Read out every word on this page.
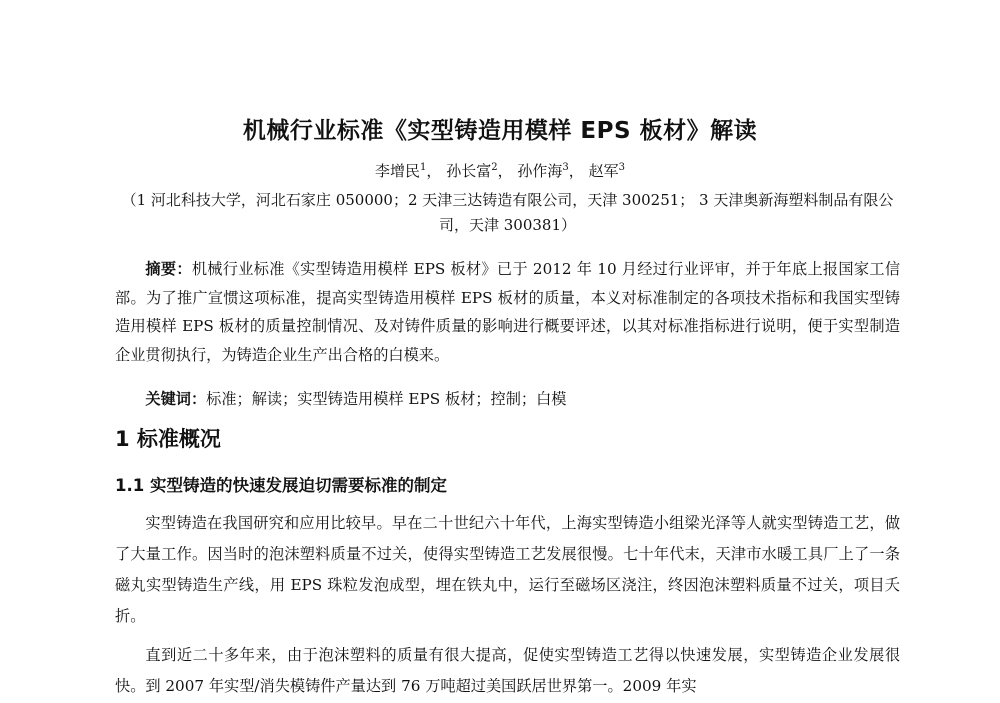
机械行业标准《实型铸造用模样 EPS 板材》解读
李增民$^1$， 孙长富$^2$， 孙作海$^3$， 赵军$^3$
（1 河北科技大学，河北石家庄 050000；2 天津三达铸造有限公司，天津 300251； 3 天津奥新海塑料制品有限公司，天津 300381）
摘要：机械行业标准《实型铸造用模样 EPS 板材》已于 2012 年 10 月经过行业评审，并于年底上报国家工信部。为了推广宣惯这项标准，提高实型铸造用模样 EPS 板材的质量，本义对标准制定的各项技术指标和我国实型铸造用模样 EPS 板材的质量控制情况、及对铸件质量的影响进行概要评述，以其对标准指标进行说明，便于实型制造企业贯彻执行，为铸造企业生产出合格的白模来。
关键词：标准；解读；实型铸造用模样 EPS 板材；控制；白模
1 标准概况
1.1 实型铸造的快速发展迫切需要标准的制定
实型铸造在我国研究和应用比较早。早在二十世纪六十年代，上海实型铸造小组梁光泽等人就实型铸造工艺，做了大量工作。因当时的泡沫塑料质量不过关，使得实型铸造工艺发展很慢。七十年代末，天津市水暖工具厂上了一条磁丸实型铸造生产线，用 EPS 珠粒发泡成型，埋在铁丸中，运行至磁场区浇注，终因泡沫塑料质量不过关，项目夭折。
直到近二十多年来，由于泡沫塑料的质量有很大提高，促使实型铸造工艺得以快速发展，实型铸造企业发展很快。到 2007 年实型/消失模铸件产量达到 76 万吨超过美国跃居世界第一。2009 年实
